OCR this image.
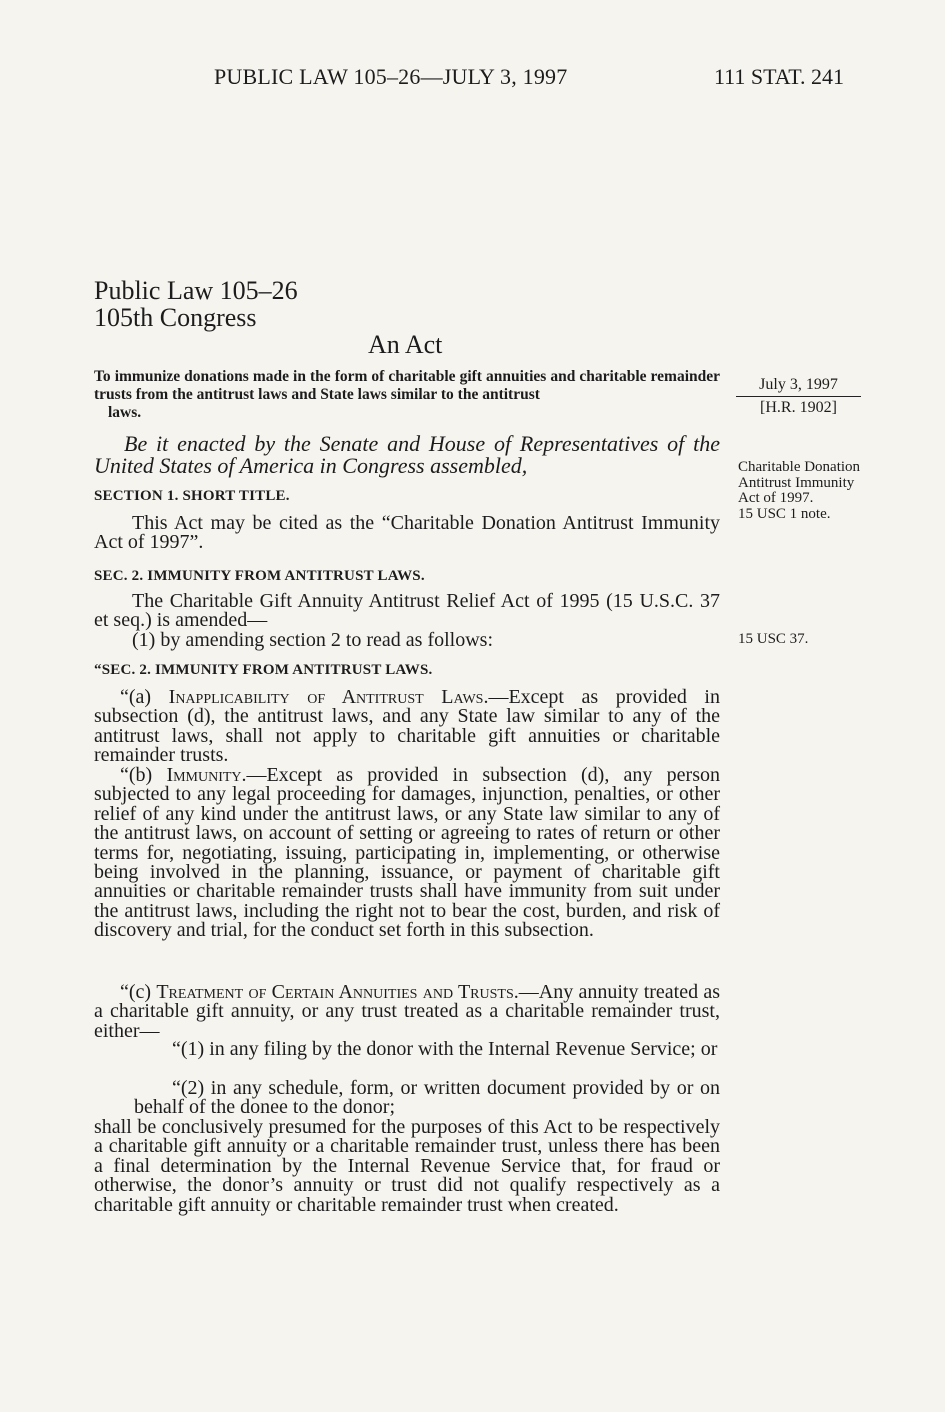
PUBLIC LAW 105–26—JULY 3, 1997	111 STAT. 241
Public Law 105–26
105th Congress
An Act
To immunize donations made in the form of charitable gift annuities and charitable remainder trusts from the antitrust laws and State laws similar to the antitrust
laws.
July 3, 1997
[H.R. 1902]
Be it enacted by the Senate and House of Representatives of the United States of America in Congress assembled,
SECTION 1. SHORT TITLE.
This Act may be cited as the “Charitable Donation Antitrust Immunity Act of 1997”.
Charitable Donation Antitrust Immunity Act of 1997.
15 USC 1 note.
SEC. 2. IMMUNITY FROM ANTITRUST LAWS.
The Charitable Gift Annuity Antitrust Relief Act of 1995 (15 U.S.C. 37 et seq.) is amended—
(1) by amending section 2 to read as follows:	15 USC 37.
“SEC. 2. IMMUNITY FROM ANTITRUST LAWS.
“(a) Inapplicability of Antitrust Laws.—Except as provided in subsection (d), the antitrust laws, and any State law similar to any of the antitrust laws, shall not apply to charitable gift annuities or charitable remainder trusts.
“(b) Immunity.—Except as provided in subsection (d), any person subjected to any legal proceeding for damages, injunction, penalties, or other relief of any kind under the antitrust laws, or any State law similar to any of the antitrust laws, on account of setting or agreeing to rates of return or other terms for, negotiating, issuing, participating in, implementing, or otherwise being involved in the planning, issuance, or payment of charitable gift annuities or charitable remainder trusts shall have immunity from suit under the antitrust laws, including the right not to bear the cost, burden, and risk of discovery and trial, for the conduct set forth in this subsection.
“(c) Treatment of Certain Annuities and Trusts.—Any annuity treated as a charitable gift annuity, or any trust treated as a charitable remainder trust, either—
“(1) in any filing by the donor with the Internal Revenue Service; or
“(2) in any schedule, form, or written document provided by or on behalf of the donee to the donor;
shall be conclusively presumed for the purposes of this Act to be respectively a charitable gift annuity or a charitable remainder trust, unless there has been a final determination by the Internal Revenue Service that, for fraud or otherwise, the donor’s annuity or trust did not qualify respectively as a charitable gift annuity or charitable remainder trust when created.
